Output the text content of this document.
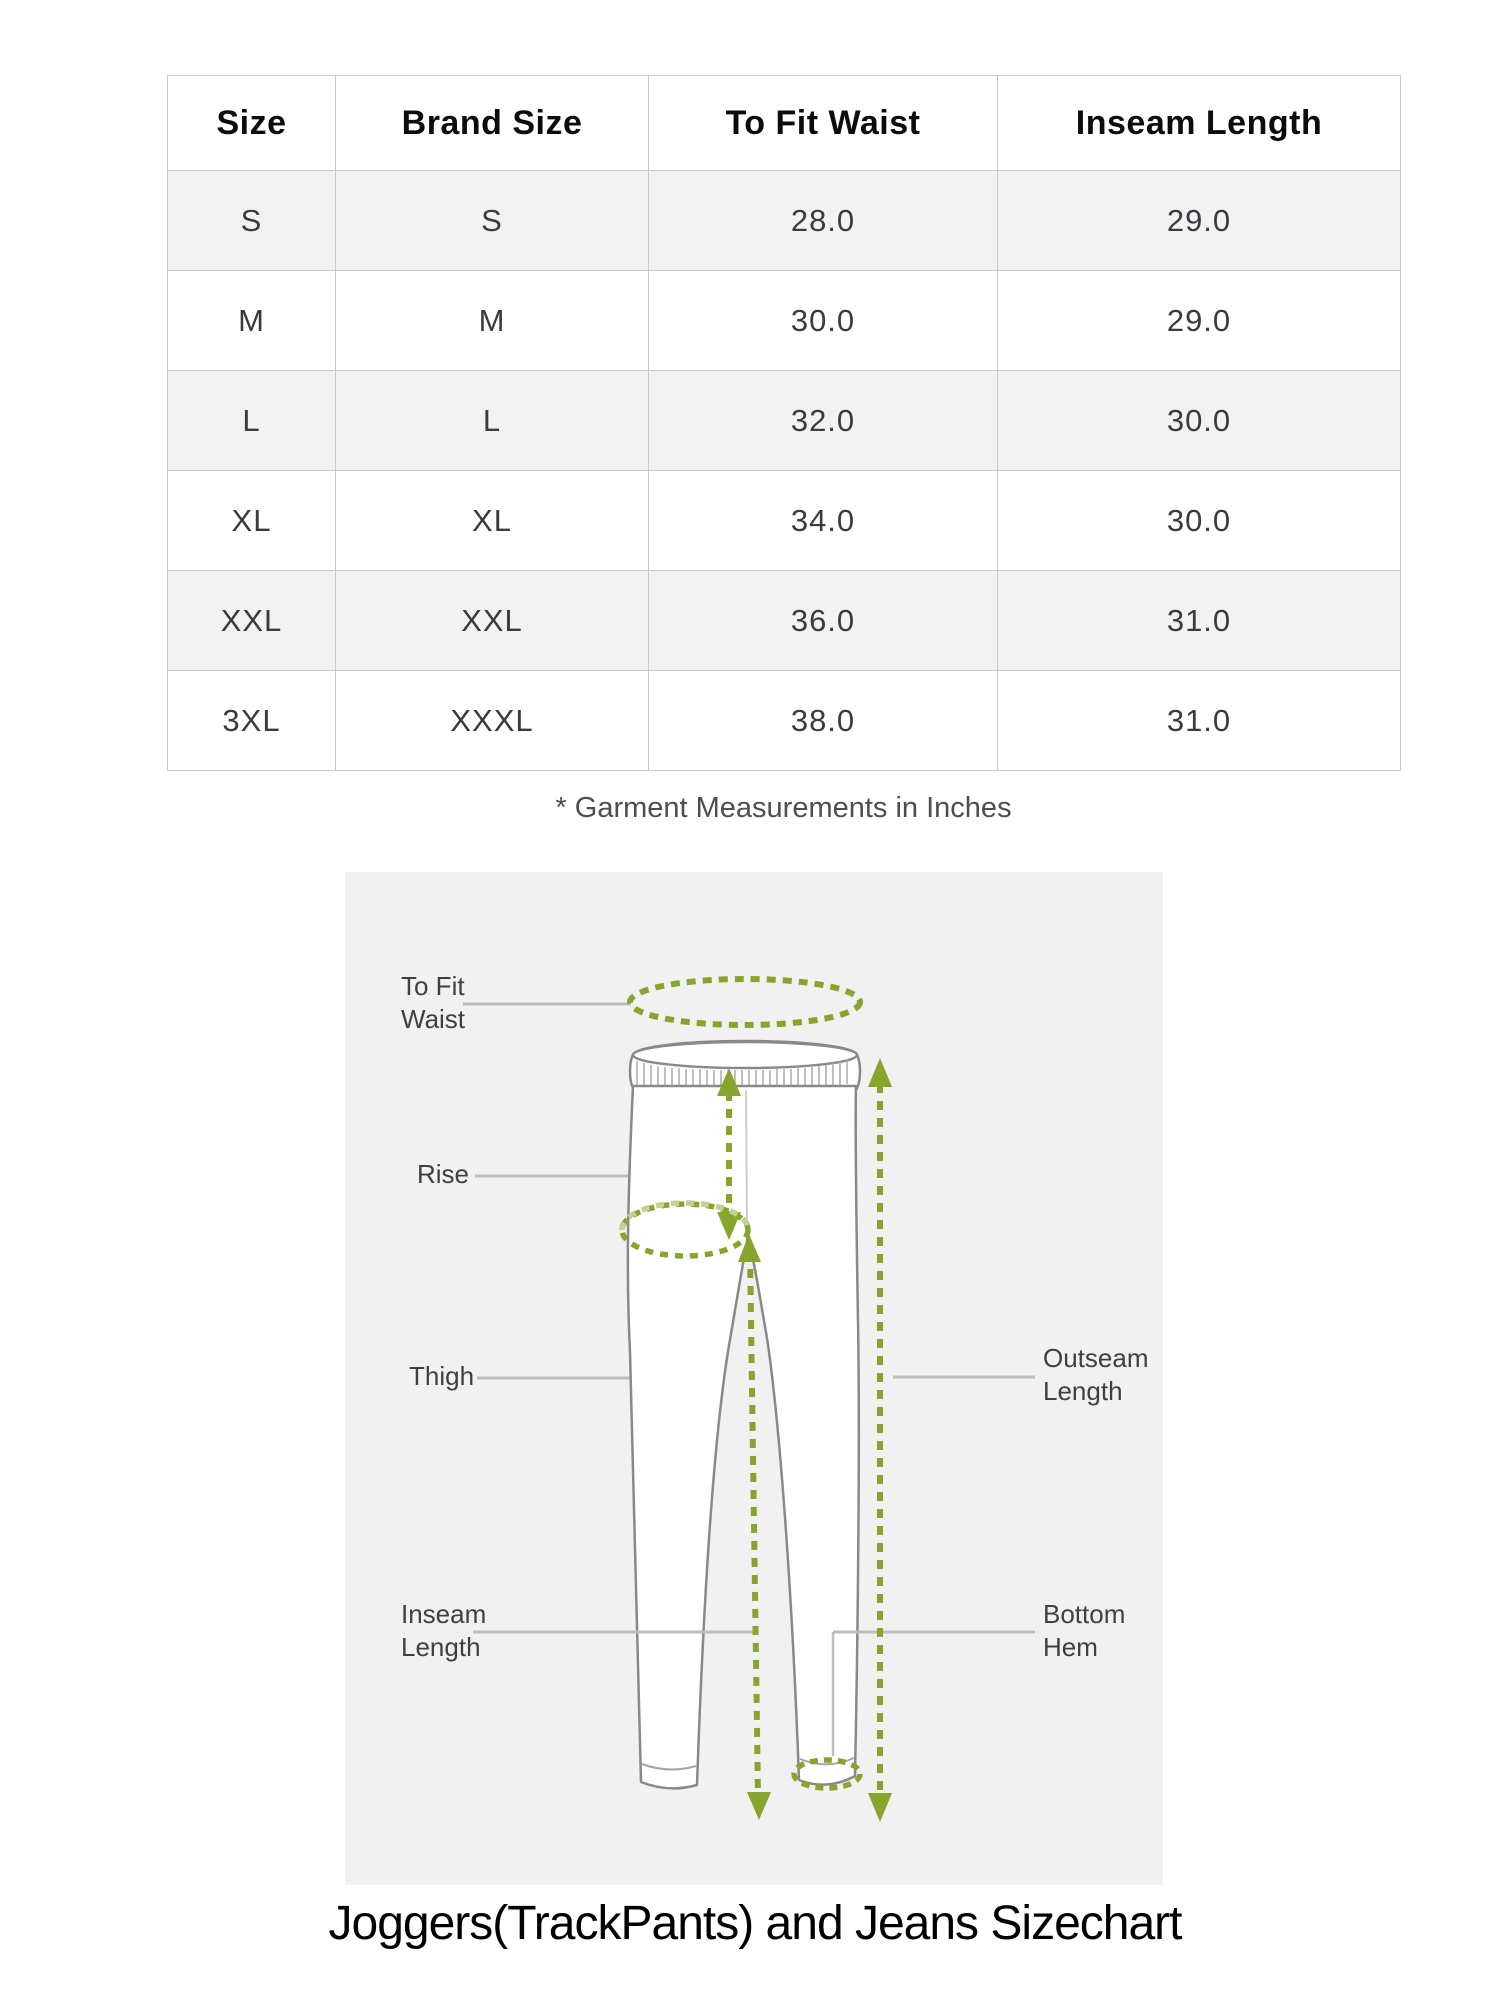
Size	Brand Size	To Fit Waist	Inseam Length
S	S	28.0	29.0
M	M	30.0	29.0
L	L	32.0	30.0
XL	XL	34.0	30.0
XXL	XXL	36.0	31.0
3XL	XXXL	38.0	31.0
* Garment Measurements in Inches
To Fit
Waist
Rise
Thigh
Inseam
Length
Outseam
Length
Bottom
Hem
Joggers(TrackPants) and Jeans Sizechart
